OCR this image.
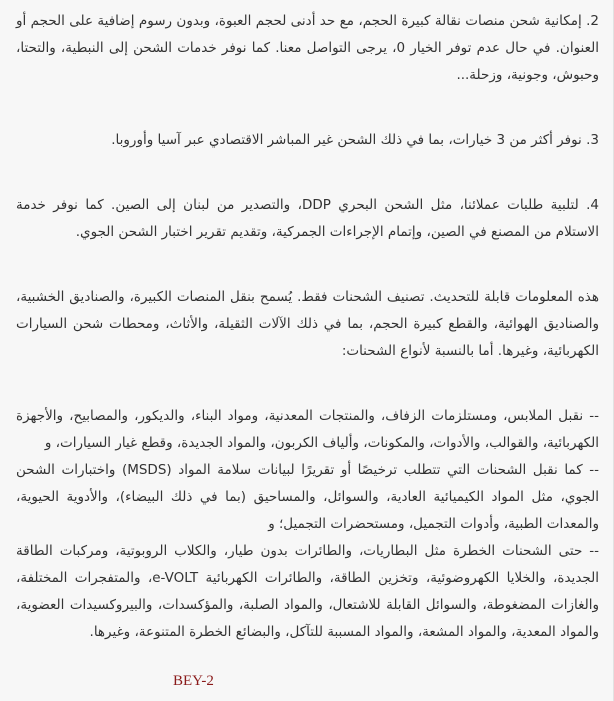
2. إمكانية شحن منصات نقالة كبيرة الحجم، مع حد أدنى لحجم العبوة، وبدون رسوم إضافية على الحجم أو العنوان. في حال عدم توفر الخيار 0، يرجى التواصل معنا. كما نوفر خدمات الشحن إلى النبطية، والتحتا، وحبوش، وجونية، وزحلة...

3. نوفر أكثر من 3 خيارات، بما في ذلك الشحن غير المباشر الاقتصادي عبر آسيا وأوروبا.

4. لتلبية طلبات عملائنا، مثل الشحن البحري DDP، والتصدير من لبنان إلى الصين. كما نوفر خدمة الاستلام من المصنع في الصين، وإتمام الإجراءات الجمركية، وتقديم تقرير اختبار الشحن الجوي.

هذه المعلومات قابلة للتحديث. تصنيف الشحنات فقط. يُسمح بنقل المنصات الكبيرة، والصناديق الخشبية، والصناديق الهوائية، والقطع كبيرة الحجم، بما في ذلك الآلات الثقيلة، والأثاث، ومحطات شحن السيارات الكهربائية، وغيرها. أما بالنسبة لأنواع الشحنات:

-- نقبل الملابس، ومستلزمات الزفاف، والمنتجات المعدنية، ومواد البناء، والديكور، والمصابيح، والأجهزة الكهربائية، والقوالب، والأدوات، والمكونات، وألياف الكربون، والمواد الجديدة، وقطع غيار السيارات، و

-- كما نقبل الشحنات التي تتطلب ترخيصًا أو تقريرًا لبيانات سلامة المواد (MSDS) واختبارات الشحن الجوي، مثل المواد الكيميائية العادية، والسوائل، والمساحيق (بما في ذلك البيضاء)، والأدوية الحيوية، والمعدات الطبية، وأدوات التجميل، ومستحضرات التجميل؛ و

-- حتى الشحنات الخطرة مثل البطاريات، والطائرات بدون طيار، والكلاب الروبوتية، ومركبات الطاقة الجديدة، والخلايا الكهروضوئية، وتخزين الطاقة، والطائرات الكهربائية e-VOLT، والمتفجرات المختلفة، والغازات المضغوطة، والسوائل القابلة للاشتعال، والمواد الصلبة، والمؤكسدات، والبيروكسيدات العضوية، والمواد المعدية، والمواد المشعة، والمواد المسببة للتآكل، والبضائع الخطرة المتنوعة، وغيرها.

BEY-2
